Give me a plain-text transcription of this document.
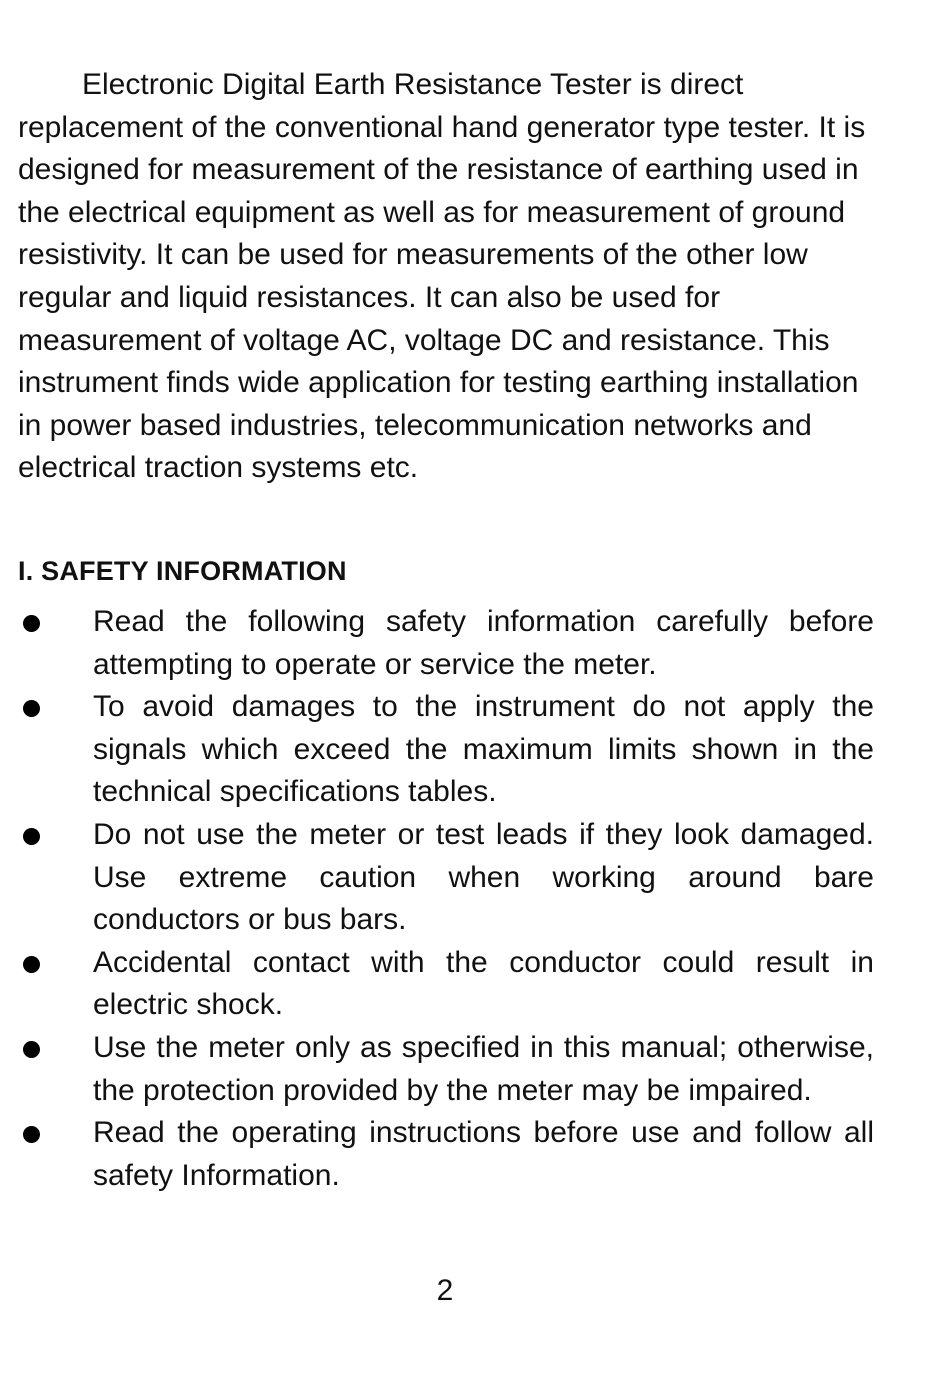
Electronic Digital Earth Resistance Tester is direct replacement of the conventional hand generator type tester. It is designed for measurement of the resistance of earthing used in the electrical equipment as well as for measurement of ground resistivity. It can be used for measurements of the other low regular and liquid resistances. It can also be used for measurement of voltage AC, voltage DC and resistance. This instrument finds wide application for testing earthing installation in power based industries, telecommunication networks and electrical traction systems etc.

I. SAFETY INFORMATION
Read the following safety information carefully before attempting to operate or service the meter.
To avoid damages to the instrument do not apply the signals which exceed the maximum limits shown in the technical specifications tables.
Do not use the meter or test leads if they look damaged. Use extreme caution when working around bare conductors or bus bars.
Accidental contact with the conductor could result in electric shock.
Use the meter only as specified in this manual; otherwise, the protection provided by the meter may be impaired.
Read the operating instructions before use and follow all safety Information.
2
